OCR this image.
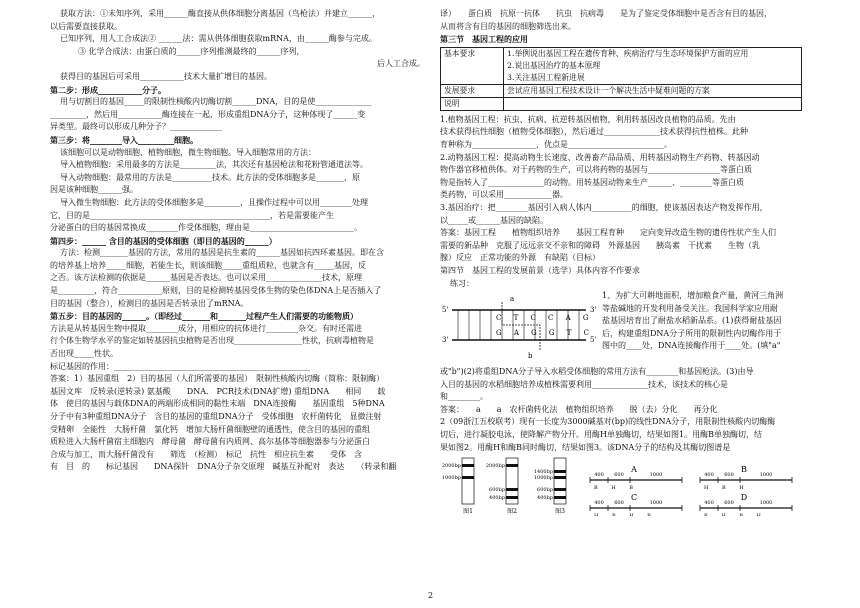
获取方法：①未知序列，采用______酶直接从供体细胞分离基因（鸟枪法）并建立______，

以后需要直接获取。

已知序列，用人工合成法② ______法：需从供体细胞获取mRNA，由______酶参与完成。

③ 化学合成法：由蛋白质的______序列推测最终的______序列，

后人工合成。

获得目的基因后可采用___________技术大量扩增目的基因。

第二步：形成___________分子。

用与切割目的基因_____的限制性核酸内切酶切割______DNA，目的是使______________

_________，然后用___________酶连接在一起，形成重组DNA分子，这种体现了______变

异类型。最终可以形成几种分子？_____________

第三步：将________导入_________细胞。

该细胞可以是动物细胞、植物细胞，微生物细胞。导入细胞常用的方法：

导入植物细胞：采用最多的方法是_________法，其次还有基因枪法和花粉管通道法等。

导入动物细胞：最常用的方法是__________技术。此方法的受体细胞多是_______，原

因是该种细胞______强。

导入微生物细胞：此方法的受体细胞多是_________，且操作过程中可以用________处理

它，目的是_____________________________________________，若是需要能产生

分泌蛋白的目的基因常换成________作受体细胞，理由是__________________________。

第四步：______ 含目的基因的受体细胞（即目的基因的______）

方法：检测_______基因的方法，常用的基因是抗生素的______基因如抗四环素基因。即在含

的培养基上培养_____细胞，若能生长，则该细胞_____重组质粒，也就含有_____基因，反

之否。该方法检测的依据是______基因是否表达。也可以采用______________技术，原理

是_________，符合___________原则，目的是检测转基因受体生物的染色体DNA上是否插入了

目的基因（整合），检测目的基因是否转录出了mRNA。

第五步：目的基因的______。（即经过_______和_______过程产生人们需要的功能物质）

方法是从转基因生物中提取________成分，用相应的抗体进行________杂交。有时还需进

行个体生物学水平的鉴定如转基因抗虫植物是否出现_________________性状，抗病毒植物是

否出现_____性状。

标记基因的作用：_________________________________________________

答案：1）基因重组　2）目的基因（人们所需要的基因）　限制性核酸内切酶（简称：限制酶）

基因文库　反转录(逆转录) 氨基酸　　DNA.　PCR技术(DNA扩增) 重组DNA　　相同　　载

体　使目的基因与载体DNA的两端形成相同的黏性末端　DNA连接酶　　基因重组　5种DNA

分子中有3种重组DNA分子　含目的基因的重组DNA分子　受体细胞　农杆菌转化　显微注射

受精卵　全能性　大肠杆菌　氯化钙　增加大肠杆菌细胞壁的通透性，使含目的基因的重组

质粒进入大肠杆菌宿主细胞内　酵母菌　酵母菌有内质网、高尔基体等细胞器参与分泌蛋白

合成与加工，而大肠杆菌没有　　筛选　（检测）　标记　抗性　相应抗生素　　受体　含

有　目　的　　标记基因　　DNA探针　DNA分子杂交原理　碱基互补配对　表达　　（转录和翻

译）　　蛋白质　抗原一抗体　　抗虫　抗病毒　　是为了鉴定受体细胞中是否含有目的基因，

从而将含有目的基因的细胞筛选出来。

第三节　基因工程的应用

基本要求	1.举例说出基因工程在遗传育种、疾病治疗与生态环境保护方面的应用
2.说出基因治疗的基本原理
3.关注基因工程新进展

发展要求	尝试应用基因工程技术设计一个解决生活中疑难问题的方案

说明	

1.植物基因工程：抗虫、抗病、抗逆转基因植物，利用转基因改良植物的品质。先由

技术获得抗性细胞（植物受体细胞），然后通过______________技术获得抗性植株。此种

育种称为________________，优点是________________________。

2.动物基因工程：提高动物生长速度、改善畜产品品质、用转基因动物生产药物、转基因动

物作器官移植供体。对于药物的生产，可以将药物的基因与__________________等蛋白质

物是指转入了______________的动物。用转基因动物来生产______、________等蛋白质

类药物，可以采用____________器。

3.基因治疗：把________基因引入病人体内__________的细胞，使该基因表达产物发挥作用，

以_____或______基因的缺陷。

答案：基因工程　　植物组织培养　　基因工程育种　　定向变异改造生物的遗传性状产生人们

需要的新品种　克服了远远亲交不亲和的障碍　外源基因　　胰岛素　干扰素　　生物（乳

腺）反应　正常功能的外源　有缺陷（目标）

第四节　基因工程的发展前景（选学）具体内容不作要求

练习：

5'	3'
3'	5'
C T C C A G
G A G G T C
a
b

1、为扩大可耕地面积，增加粮食产量，黄河三角洲

等盐碱地的开发利用备受关注。我国科学家应用耐

盐基因培育出了耐盐水稻新品系。(1)获得耐盐基因

后，构建重组DNA分子所用的限制性内切酶作用于

图中的____处，DNA连接酶作用于____处。(填"a"

或"b")(2)将重组DNA分子导入水稻受体细胞的常用方法有________和基因枪法。(3)由导

入目的基因的水稻细胞培养成植株需要利用______________技术，该技术的核心是

和________。

答案：　　a　　a　农杆菌转化法　植物组织培养　　脱（去）分化　　再分化

2（09浙江五校联考）现有一长度为3000碱基对(bp)的线性DNA分子，用限制性核酸内切酶酶

切后，进行凝胶电泳，使降解产物分开。用酶H单独酶切，结果如图1。用酶B单独酶切，结

果如图2。用酶H和酶B同时酶切，结果如图3。该DNA分子的结构及其酶切图谱是

2000bp
1000bp
图1
2000bp
600bp
400bp
图2
1400bp
1000bp
600bp
400bp
图3
A
400 600	1000
B H B
B
400 600	1000
H B H
C
400 600	1000
H B H B
D
400 600	1000
B H B H
2
